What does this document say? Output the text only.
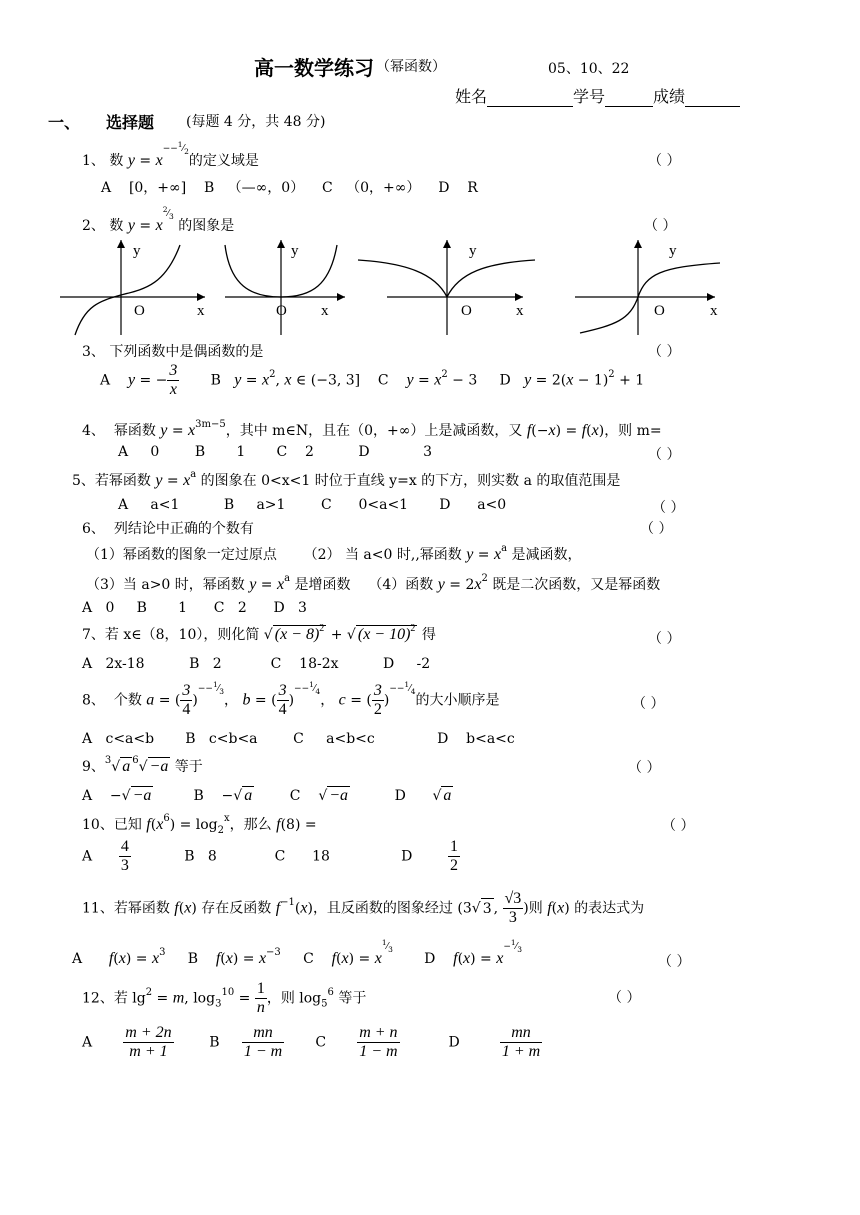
高一数学练习 （幂函数）	05、10、22
姓名	学号	成绩
一、 选择题 (每题 4 分，共 48 分)
1、 数 $y = x^{--^1⁄_2}$的定义域是	（ ）
A [0，+∞] B （—∞，0） C （0，+∞） D R
2、 数 $y = x^{^2⁄_3}$ 的图象是	（ ）
y
x
O
y
x
O
y
x
O
y
x
O
3、 下列函数中是偶函数的是	（ ）
A y = − $\frac{3}{x}$ B $y = x^2$, x ∈ (−3, 3]    C $y = x^2 - 3$     D $y = 2(x - 1)^2 + 1$
4、 幂函数 $y = x^{3m-5}$，其中 m∈N，且在（0，+∞）上是减函数，又 f(−x) = f(x)，则 m=
A 0	B 1 C 2	D	3	（ ）
5、若幂函数 $y = x^a$ 的图象在 0<x<1 时位于直线 y=x 的下方，则实数 a 的取值范围是
A a<1	B a>1	C 0<a<1 D a<0	（ ）
6、 列结论中正确的个数有	（ ）
（1）幂函数的图象一定过原点 （2） 当 a<0 时,,幂函数 $y = x^a$ 是减函数，
（3）当 a>0 时，幂函数 $y = x^a$ 是增函数 （4）函数 $y = 2x^2$ 既是二次函数，又是幂函数
A 0 B 1 C 2 D 3
7、若 x∈（8，10），则化简 √ $(x - 8)^2$ + √ $(x - 10)^2$ 得	（ ）
A 2x-18	B 2	C 18-2x	D -2
8、 个数 a = ( $\frac{3}{4} )^{--^1⁄_3}$， b = ( $\frac{3}{4} )^{--^1⁄_4}$， c = ( $\frac{3}{2} )^{--^1⁄_4}$的大小顺序是	（ ）
A c<a<b B c<b<a	C a<b<c	D b<a<c
9、$^3$√ a $^6$√ −a 等于	（ ）
A    −√ −a	B    −√ a	C    √ −a	D      √ a
10、已知 $f(x^6) = \log_2^x$，那么 f(8) =	（ ）
A $\frac{4}{3}$	B 8	C 18	D $\frac{1}{2}$
11、若幂函数 f(x) 存在反函数 $f^{-1}(x)$，且反函数的图象经过 (3√ 3 , $\frac{√3}{3}$ )则 f(x) 的表达式为
A $f(x) = x^3$ B $f(x) = x^{-3}$ C $f(x) = x^{^1⁄_3}$       D $f(x) = x^{-^1⁄_3}$
（ ）
12、若 $\lg^2 = m$, $\log_3^{10} = \frac{1}{n}$ ，则 $\log_5^6$ 等于	（ ）
A $\frac{m + 2n}{m + 1}$	B $\frac{mn}{1 - m}$ C $\frac{m + n}{1 - m}$	D	$\frac{mn}{1 + m}$
